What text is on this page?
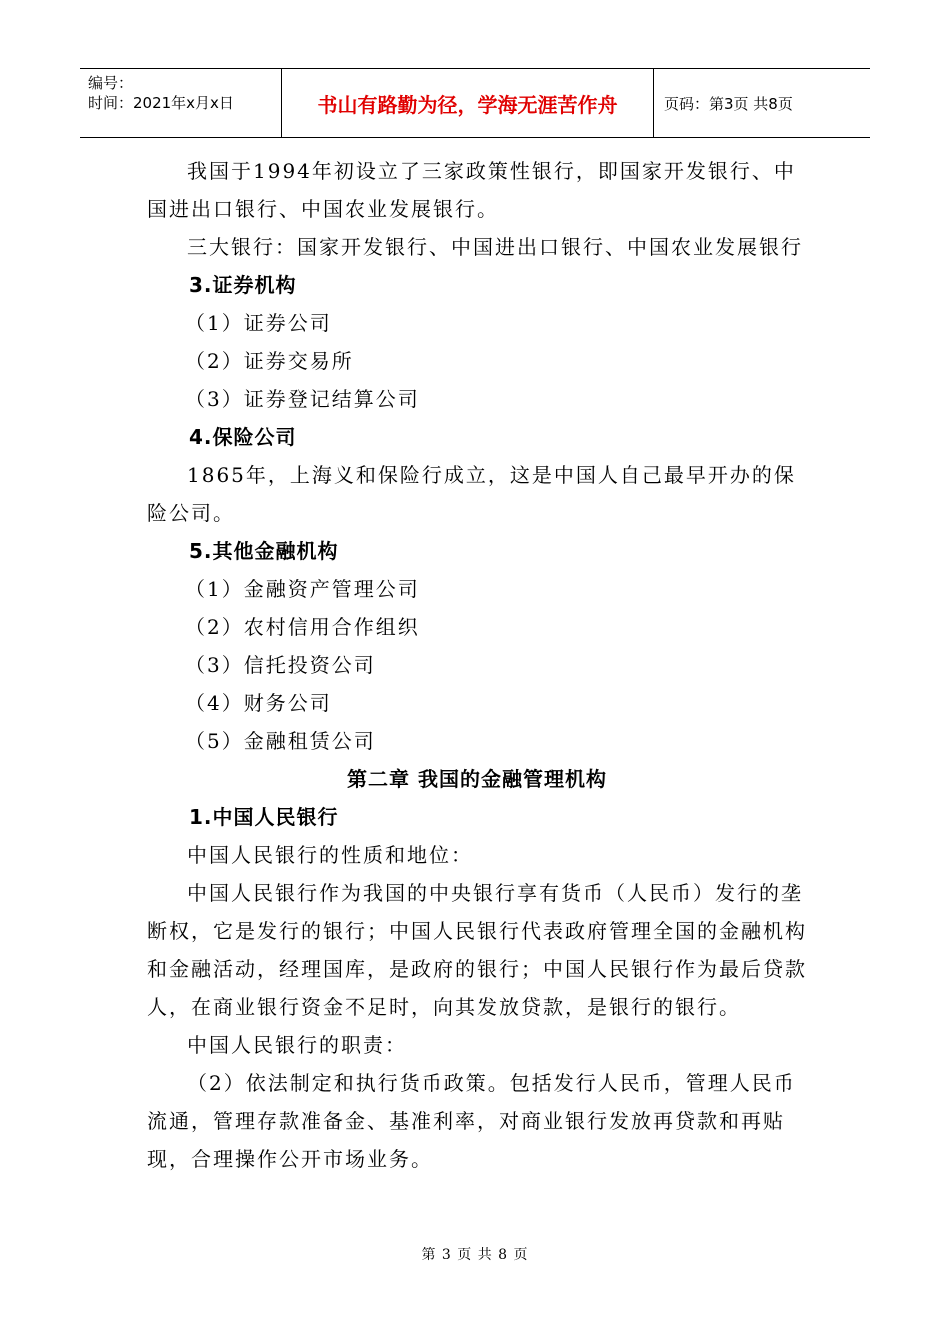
编号：
时间：2021年x月x日	书山有路勤为径，学海无涯苦作舟	页码：第3页 共8页

我国于1994年初设立了三家政策性银行，即国家开发银行、中国进出口银行、中国农业发展银行。

三大银行：国家开发银行、中国进出口银行、中国农业发展银行

3.证券机构

（1）证券公司

（2）证券交易所

（3）证券登记结算公司

4.保险公司

1865年，上海义和保险行成立，这是中国人自己最早开办的保险公司。

5.其他金融机构

（1）金融资产管理公司

（2）农村信用合作组织

（3）信托投资公司

（4）财务公司

（5）金融租赁公司

第二章 我国的金融管理机构

1.中国人民银行

中国人民银行的性质和地位：

中国人民银行作为我国的中央银行享有货币（人民币）发行的垄断权，它是发行的银行；中国人民银行代表政府管理全国的金融机构和金融活动，经理国库，是政府的银行；中国人民银行作为最后贷款人，在商业银行资金不足时，向其发放贷款，是银行的银行。

中国人民银行的职责：

（2）依法制定和执行货币政策。包括发行人民币，管理人民币流通，管理存款准备金、基准利率，对商业银行发放再贷款和再贴现，合理操作公开市场业务。

第 3 页 共 8 页
